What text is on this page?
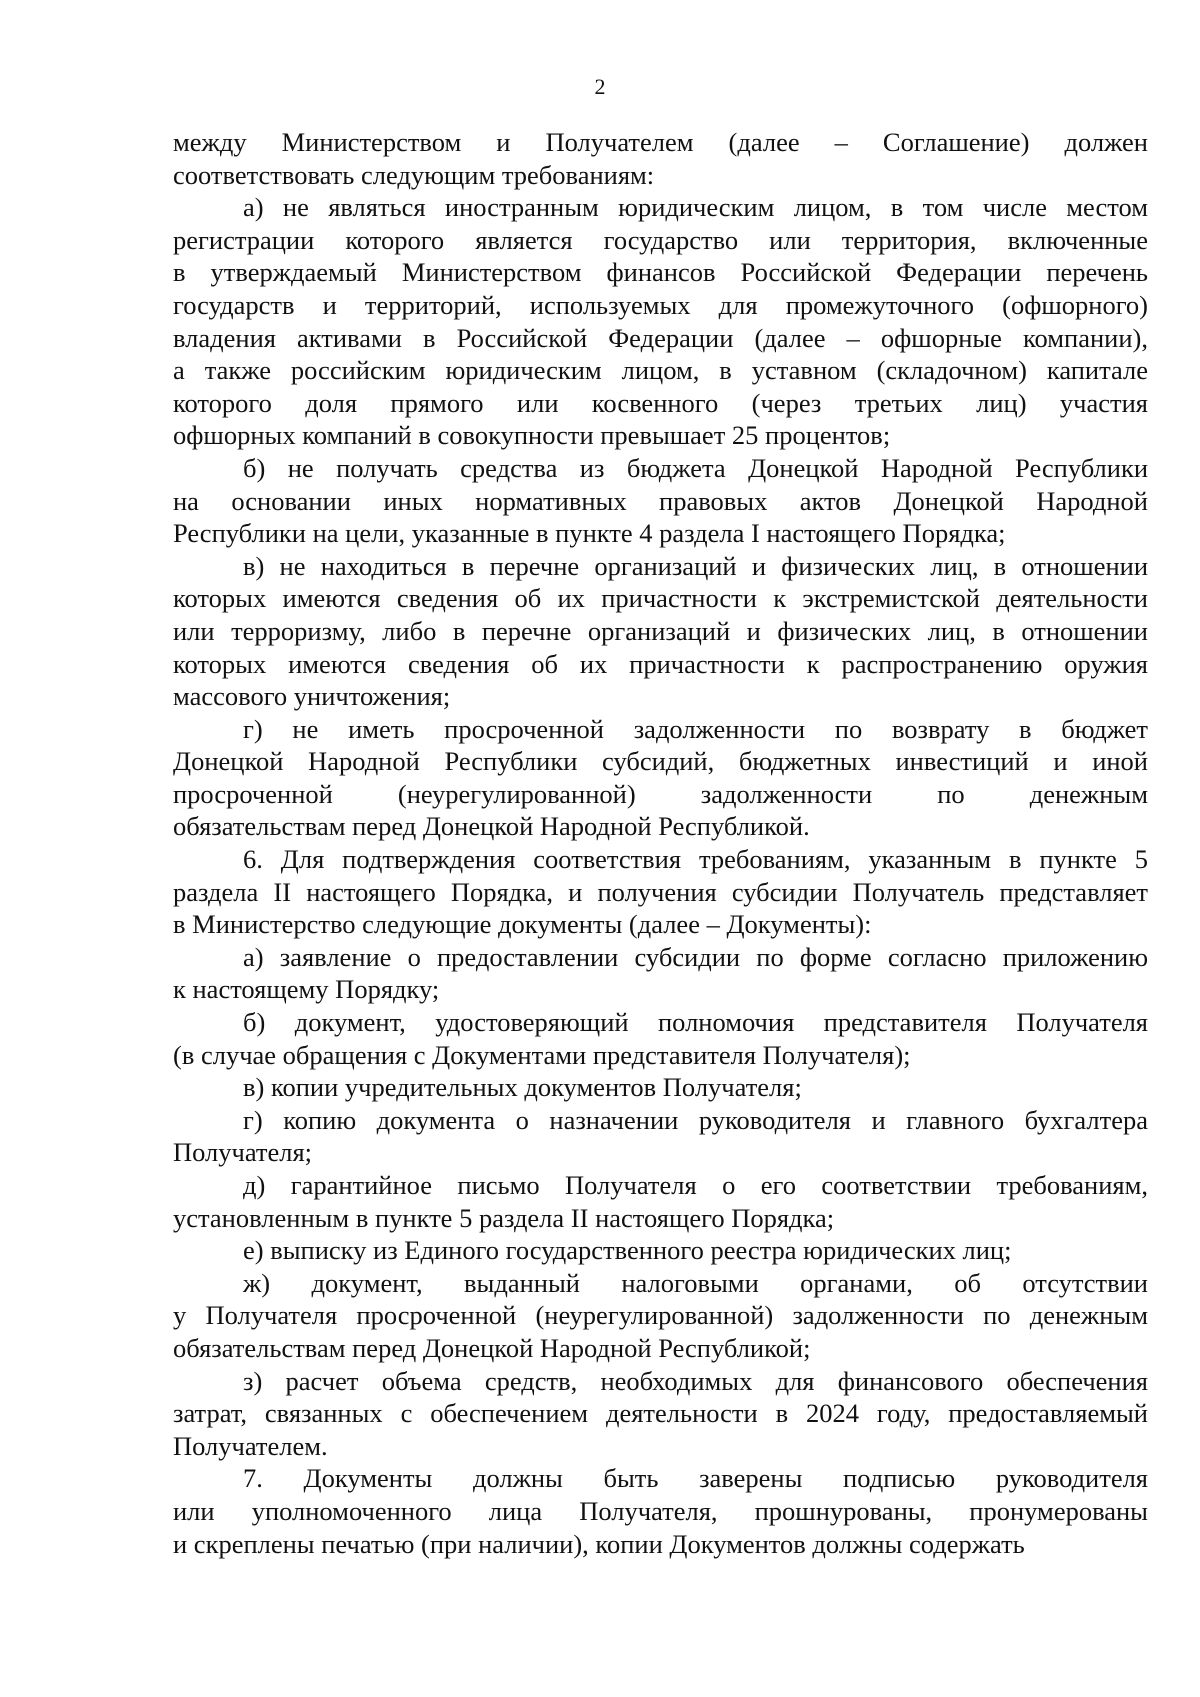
2
между Министерством и Получателем (далее – Соглашение) должен
соответствовать следующим требованиям:
а) не являться иностранным юридическим лицом, в том числе местом
регистрации которого является государство или территория, включенные
в утверждаемый Министерством финансов Российской Федерации перечень
государств и территорий, используемых для промежуточного (офшорного)
владения активами в Российской Федерации (далее – офшорные компании),
а также российским юридическим лицом, в уставном (складочном) капитале
которого доля прямого или косвенного (через третьих лиц) участия
офшорных компаний в совокупности превышает 25 процентов;
б) не получать средства из бюджета Донецкой Народной Республики
на основании иных нормативных правовых актов Донецкой Народной
Республики на цели, указанные в пункте 4 раздела I настоящего Порядка;
в) не находиться в перечне организаций и физических лиц, в отношении
которых имеются сведения об их причастности к экстремистской деятельности
или терроризму, либо в перечне организаций и физических лиц, в отношении
которых имеются сведения об их причастности к распространению оружия
массового уничтожения;
г) не иметь просроченной задолженности по возврату в бюджет
Донецкой Народной Республики субсидий, бюджетных инвестиций и иной
просроченной (неурегулированной) задолженности по денежным
обязательствам перед Донецкой Народной Республикой.
6. Для подтверждения соответствия требованиям, указанным в пункте 5
раздела II настоящего Порядка, и получения субсидии Получатель представляет
в Министерство следующие документы (далее – Документы):
а) заявление о предоставлении субсидии по форме согласно приложению
к настоящему Порядку;
б) документ, удостоверяющий полномочия представителя Получателя
(в случае обращения с Документами представителя Получателя);
в) копии учредительных документов Получателя;
г) копию документа о назначении руководителя и главного бухгалтера
Получателя;
д) гарантийное письмо Получателя о его соответствии требованиям,
установленным в пункте 5 раздела II настоящего Порядка;
е) выписку из Единого государственного реестра юридических лиц;
ж) документ, выданный налоговыми органами, об отсутствии
у Получателя просроченной (неурегулированной) задолженности по денежным
обязательствам перед Донецкой Народной Республикой;
з) расчет объема средств, необходимых для финансового обеспечения
затрат, связанных с обеспечением деятельности в 2024 году, предоставляемый
Получателем.
7. Документы должны быть заверены подписью руководителя
или уполномоченного лица Получателя, прошнурованы, пронумерованы
и скреплены печатью (при наличии), копии Документов должны содержать
